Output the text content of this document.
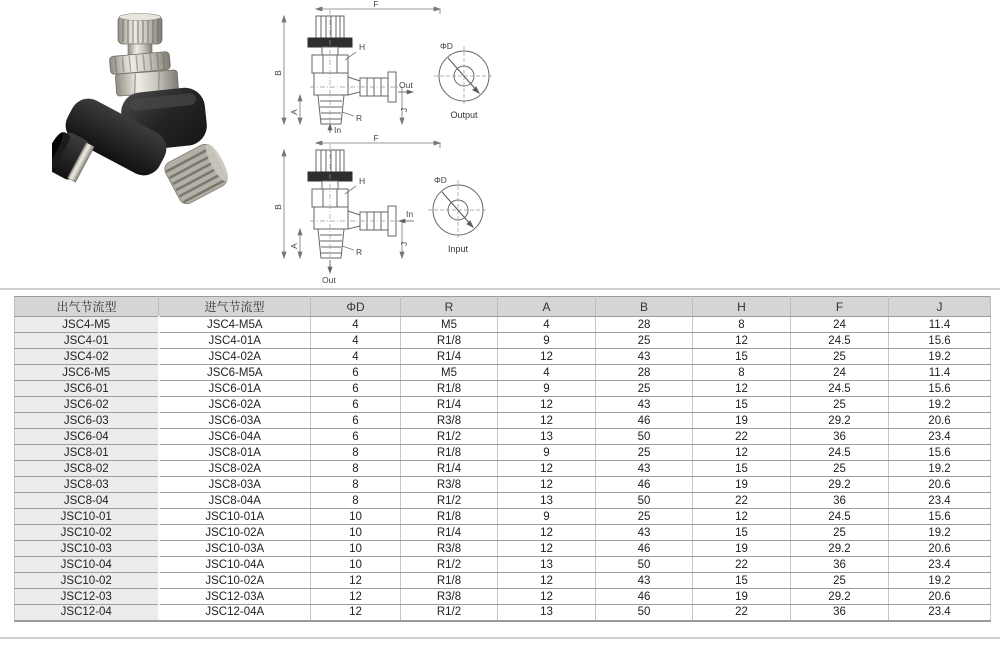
F
H
B
A
R
J
Out
In
ΦD
Output
F
H
B
A
R
J
In
Out
ΦD
Input
出气节流型	进气节流型	ΦD	R	A	B	H	F	J
JSC4-M5	JSC4-M5A	4	M5	4	28	8	24	11.4
JSC4-01	JSC4-01A	4	R1/8	9	25	12	24.5	15.6
JSC4-02	JSC4-02A	4	R1/4	12	43	15	25	19.2
JSC6-M5	JSC6-M5A	6	M5	4	28	8	24	11.4
JSC6-01	JSC6-01A	6	R1/8	9	25	12	24.5	15.6
JSC6-02	JSC6-02A	6	R1/4	12	43	15	25	19.2
JSC6-03	JSC6-03A	6	R3/8	12	46	19	29.2	20.6
JSC6-04	JSC6-04A	6	R1/2	13	50	22	36	23.4
JSC8-01	JSC8-01A	8	R1/8	9	25	12	24.5	15.6
JSC8-02	JSC8-02A	8	R1/4	12	43	15	25	19.2
JSC8-03	JSC8-03A	8	R3/8	12	46	19	29.2	20.6
JSC8-04	JSC8-04A	8	R1/2	13	50	22	36	23.4
JSC10-01	JSC10-01A	10	R1/8	9	25	12	24.5	15.6
JSC10-02	JSC10-02A	10	R1/4	12	43	15	25	19.2
JSC10-03	JSC10-03A	10	R3/8	12	46	19	29.2	20.6
JSC10-04	JSC10-04A	10	R1/2	13	50	22	36	23.4
JSC10-02	JSC10-02A	12	R1/8	12	43	15	25	19.2
JSC12-03	JSC12-03A	12	R3/8	12	46	19	29.2	20.6
JSC12-04	JSC12-04A	12	R1/2	13	50	22	36	23.4
